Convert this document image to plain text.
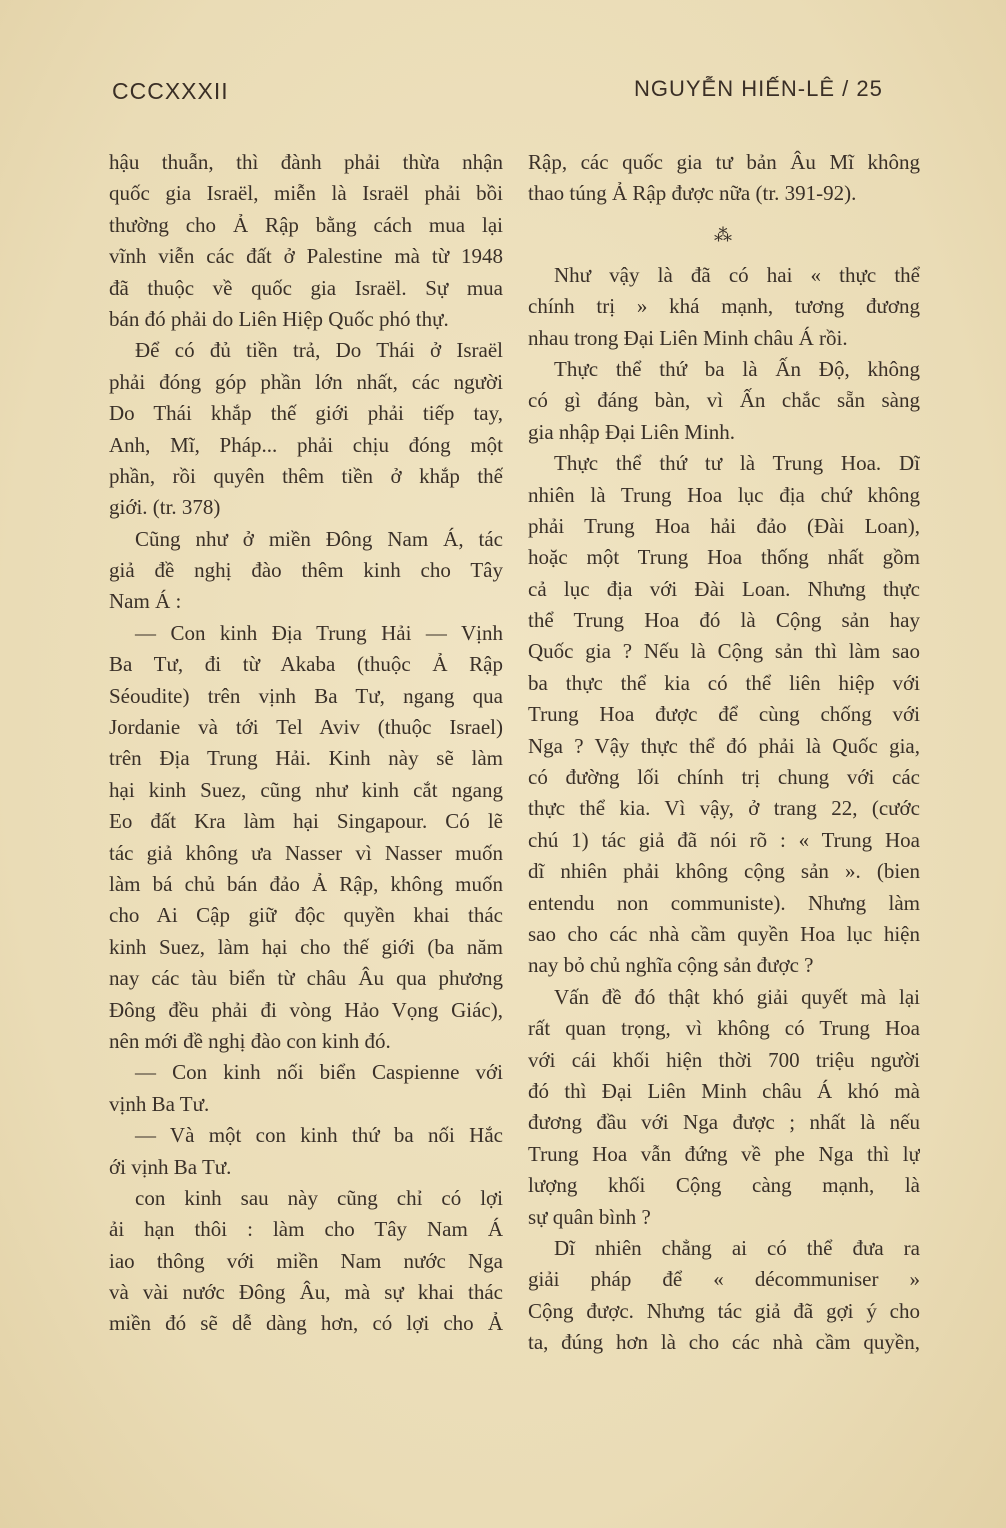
CCCXXXII	NGUYỄN HIẾN-LÊ / 25
hậu thuẫn, thì đành phải thừa nhận
quốc gia Israël, miễn là Israël phải bồi
thường cho Ả Rập bằng cách mua lại
vĩnh viễn các đất ở Palestine mà từ 1948
đã thuộc về quốc gia Israël. Sự mua
bán đó phải do Liên Hiệp Quốc phó thự.
Để có đủ tiền trả, Do Thái ở Israël
phải đóng góp phần lớn nhất, các người
Do Thái khắp thế giới phải tiếp tay,
Anh, Mĩ, Pháp... phải chịu đóng một
phần, rồi quyên thêm tiền ở khắp thế
giới. (tr. 378)
Cũng như ở miền Đông Nam Á, tác
giả đề nghị đào thêm kinh cho Tây
Nam Á :
— Con kinh Địa Trung Hải — Vịnh
Ba Tư, đi từ Akaba (thuộc Ả Rập
Séoudite) trên vịnh Ba Tư, ngang qua
Jordanie và tới Tel Aviv (thuộc Israel)
trên Địa Trung Hải. Kinh này sẽ làm
hại kinh Suez, cũng như kinh cắt ngang
Eo đất Kra làm hại Singapour. Có lẽ
tác giả không ưa Nasser vì Nasser muốn
làm bá chủ bán đảo Ả Rập, không muốn
cho Ai Cập giữ độc quyền khai thác
kinh Suez, làm hại cho thế giới (ba năm
nay các tàu biển từ châu Âu qua phương
Đông đều phải đi vòng Hảo Vọng Giác),
nên mới đề nghị đào con kinh đó.
— Con kinh nối biển Caspienne với
vịnh Ba Tư.
— Và một con kinh thứ ba nối Hắc
ới vịnh Ba Tư.
con kinh sau này cũng chỉ có lợi
ải hạn thôi : làm cho Tây Nam Á
iao thông với miền Nam nước Nga
và vài nước Đông Âu, mà sự khai thác
miền đó sẽ dễ dàng hơn, có lợi cho Ả
Rập, các quốc gia tư bản Âu Mĩ không
thao túng Ả Rập được nữa (tr. 391-92).
⁂
Như vậy là đã có hai « thực thể
chính trị » khá mạnh, tương đương
nhau trong Đại Liên Minh châu Á rồi.
Thực thể thứ ba là Ấn Độ, không
có gì đáng bàn, vì Ấn chắc sẵn sàng
gia nhập Đại Liên Minh.
Thực thể thứ tư là Trung Hoa. Dĩ
nhiên là Trung Hoa lục địa chứ không
phải Trung Hoa hải đảo (Đài Loan),
hoặc một Trung Hoa thống nhất gồm
cả lục địa với Đài Loan. Nhưng thực
thể Trung Hoa đó là Cộng sản hay
Quốc gia ? Nếu là Cộng sản thì làm sao
ba thực thể kia có thể liên hiệp với
Trung Hoa được để cùng chống với
Nga ? Vậy thực thể đó phải là Quốc gia,
có đường lối chính trị chung với các
thực thể kia. Vì vậy, ở trang 22, (cước
chú 1) tác giả đã nói rõ : « Trung Hoa
dĩ nhiên phải không cộng sản ». (bien
entendu non communiste). Nhưng làm
sao cho các nhà cầm quyền Hoa lục hiện
nay bỏ chủ nghĩa cộng sản được ?
Vấn đề đó thật khó giải quyết mà lại
rất quan trọng, vì không có Trung Hoa
với cái khối hiện thời 700 triệu người
đó thì Đại Liên Minh châu Á khó mà
đương đầu với Nga được ; nhất là nếu
Trung Hoa vẫn đứng về phe Nga thì lự
lượng khối Cộng càng mạnh, là
sự quân bình ?
Dĩ nhiên chẳng ai có thể đưa ra
giải pháp để « décommuniser »
Cộng được. Nhưng tác giả đã gợi ý cho
ta, đúng hơn là cho các nhà cầm quyền,
